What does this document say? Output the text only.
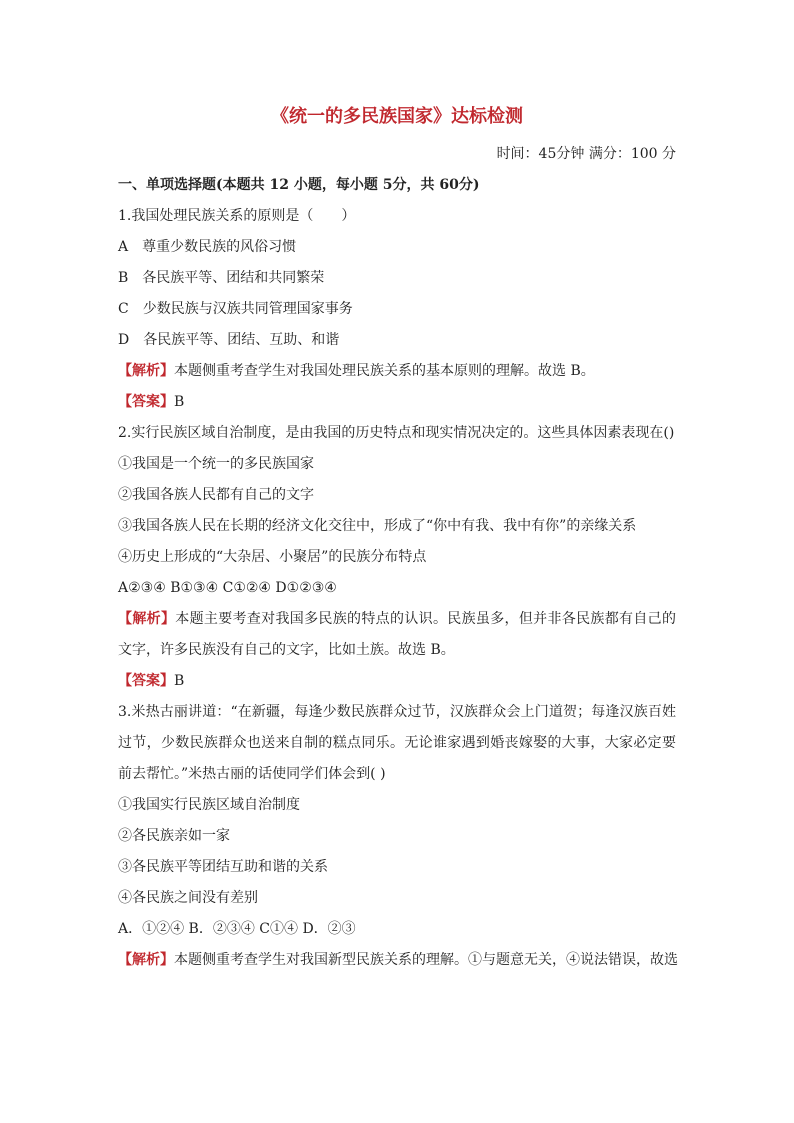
《统一的多民族国家》达标检测
时间：45分钟 满分：100 分
一、单项选择题(本题共 12 小题，每小题 5分，共 60分)
1.我国处理民族关系的原则是（　　）
A　尊重少数民族的风俗习惯
B　各民族平等、团结和共同繁荣
C　少数民族与汉族共同管理国家事务
D　各民族平等、团结、互助、和谐
【解析】本题侧重考查学生对我国处理民族关系的基本原则的理解。故选 B。
【答案】B
2.实行民族区域自治制度，是由我国的历史特点和现实情况决定的。这些具体因素表现在()
①我国是一个统一的多民族国家
②我国各族人民都有自己的文字
③我国各族人民在长期的经济文化交往中，形成了“你中有我、我中有你”的亲缘关系
④历史上形成的“大杂居、小聚居”的民族分布特点
A②③④ B①③④ C①②④ D①②③④
【解析】本题主要考查对我国多民族的特点的认识。民族虽多，但并非各民族都有自己的文字，许多民族没有自己的文字，比如土族。故选 B。
【答案】B
3.米热古丽讲道：“在新疆，每逢少数民族群众过节，汉族群众会上门道贺；每逢汉族百姓过节，少数民族群众也送来自制的糕点同乐。无论谁家遇到婚丧嫁娶的大事，大家必定要前去帮忙。”米热古丽的话使同学们体会到( )
①我国实行民族区域自治制度
②各民族亲如一家
③各民族平等团结互助和谐的关系
④各民族之间没有差别
A．①②④ B．②③④ C①④ D．②③
【解析】本题侧重考查学生对我国新型民族关系的理解。①与题意无关，④说法错误，故选
